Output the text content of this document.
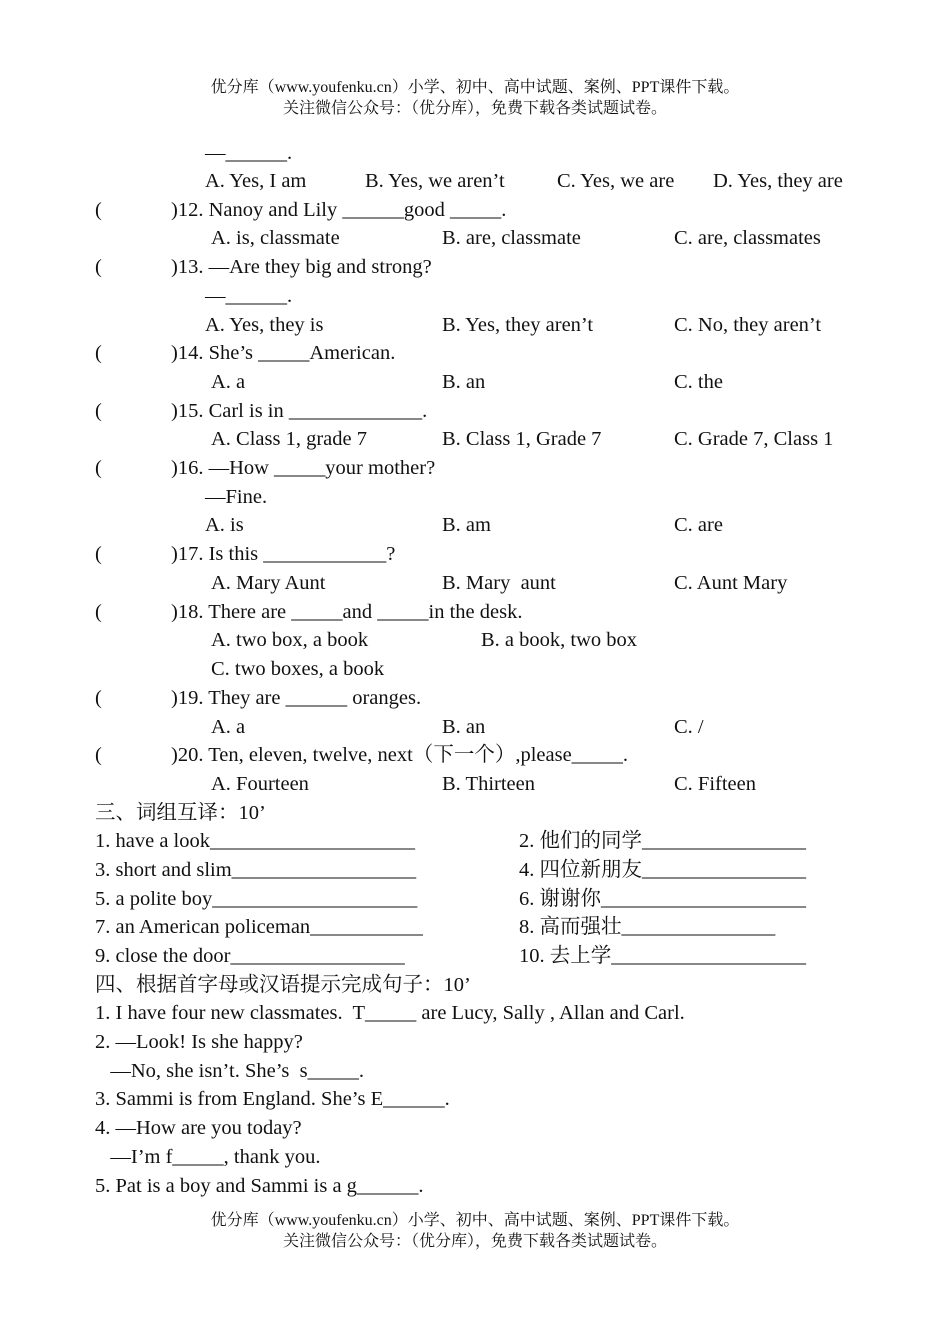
优分库（www.youfenku.cn）小学、初中、高中试题、案例、PPT课件下载。
关注微信公众号：（优分库），免费下载各类试题试卷。
—______.
A. Yes, I am	B. Yes, we aren’t	C. Yes, we are D. Yes, they are
(	)12. Nanoy and Lily ______good _____.
A. is, classmate	B. are, classmate	C. are, classmates
(	)13. —Are they big and strong?
—______.
A. Yes, they is	B. Yes, they aren’t	C. No, they aren’t
(	)14. She’s _____American.
A. a	B. an	C. the
(	)15. Carl is in _____________.
A. Class 1, grade 7	B. Class 1, Grade 7	C. Grade 7, Class 1
(	)16. —How _____your mother?
—Fine.
A. is	B. am	C. are
(	)17. Is this ____________?
A. Mary Aunt	B. Mary  aunt	C. Aunt Mary
(	)18. There are _____and _____in the desk.
A. two box, a book	B. a book, two box
C. two boxes, a book
(	)19. They are ______ oranges.
A. a	B. an	C. /
(	)20. Ten, eleven, twelve, next（下一个）,please_____.
A. Fourteen	B. Thirteen	C. Fifteen
三、词组互译：10’
1. have a look____________________	2. 他们的同学________________
3. short and slim__________________	4. 四位新朋友________________
5. a polite boy____________________	6. 谢谢你____________________
7. an American policeman___________	8. 高而强壮_______________
9. close the door_________________	10. 去上学___________________
四、根据首字母或汉语提示完成句子：10’
1. I have four new classmates.  T_____ are Lucy, Sally , Allan and Carl.
2. —Look! Is she happy?
—No, she isn’t. She’s  s_____.
3. Sammi is from England. She’s E______.
4. —How are you today?
—I’m f_____, thank you.
5. Pat is a boy and Sammi is a g______.
优分库（www.youfenku.cn）小学、初中、高中试题、案例、PPT课件下载。
关注微信公众号：（优分库），免费下载各类试题试卷。
